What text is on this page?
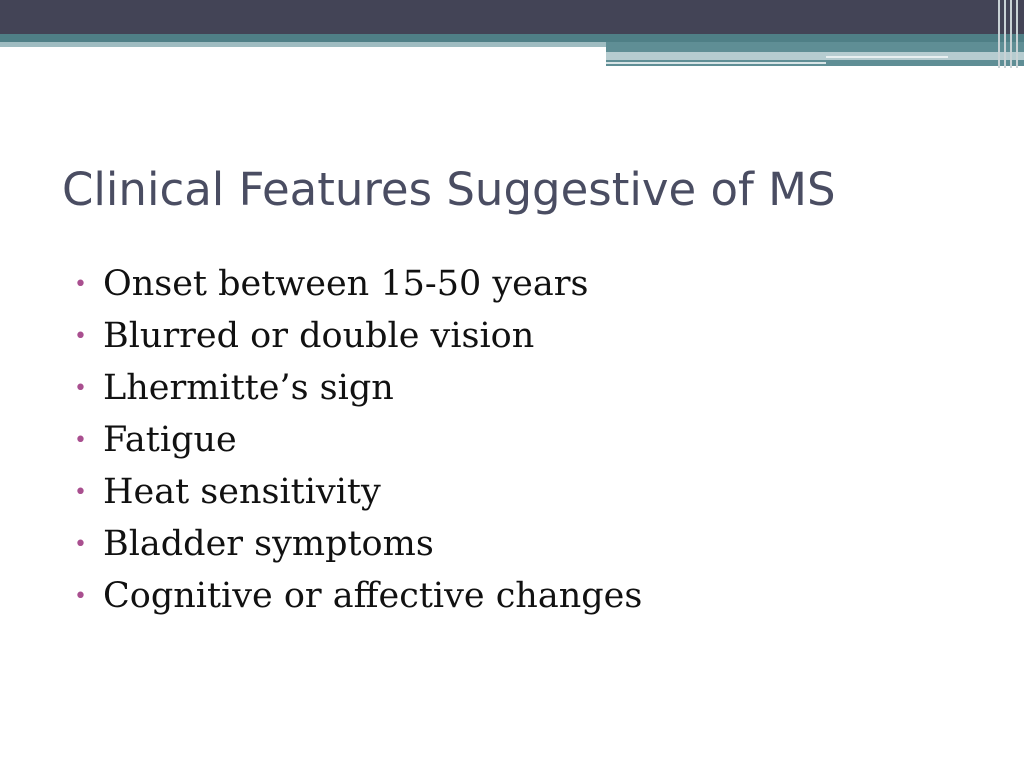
Clinical Features Suggestive of MS
• Onset between 15-50 years
• Blurred or double vision
• Lhermitte’s sign
• Fatigue
• Heat sensitivity
• Bladder symptoms
• Cognitive or affective changes
